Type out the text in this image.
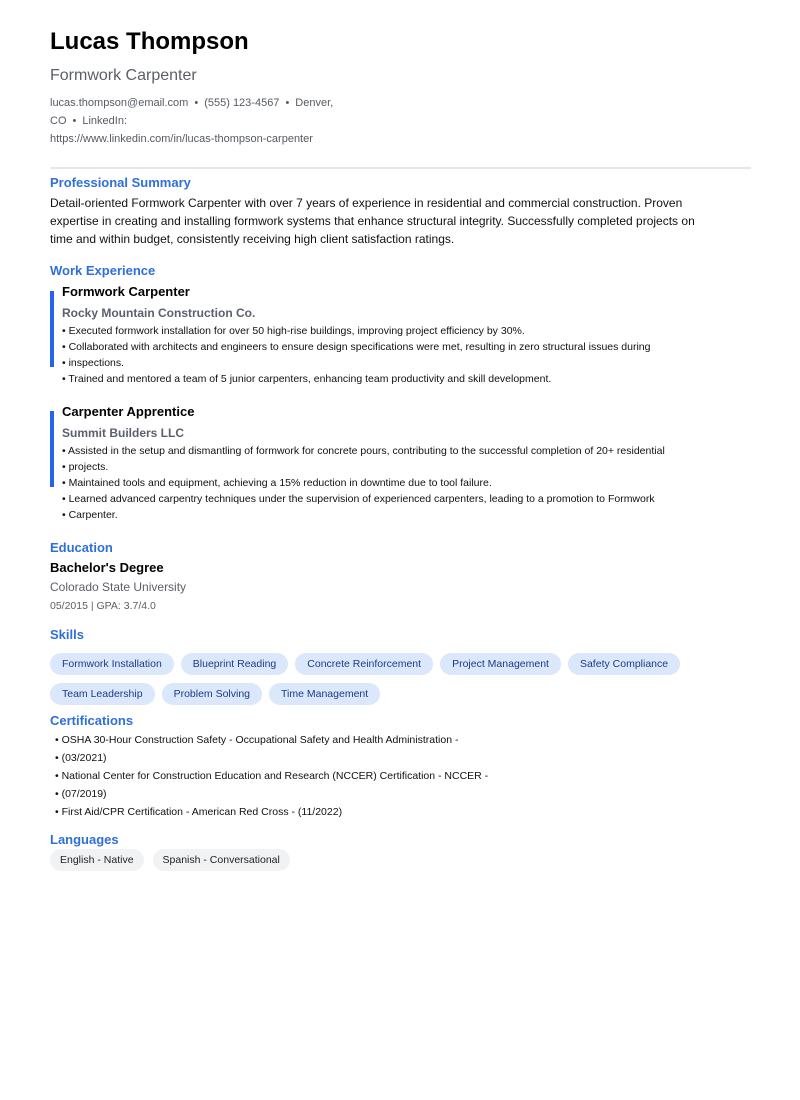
Lucas Thompson
Formwork Carpenter
lucas.thompson@email.com • (555) 123-4567 • Denver, CO • LinkedIn:
https://www.linkedin.com/in/lucas-thompson-carpenter
Professional Summary
Detail-oriented Formwork Carpenter with over 7 years of experience in residential and commercial construction. Proven expertise in creating and installing formwork systems that enhance structural integrity. Successfully completed projects on time and within budget, consistently receiving high client satisfaction ratings.
Work Experience
Formwork Carpenter
Rocky Mountain Construction Co.
• Executed formwork installation for over 50 high-rise buildings, improving project efficiency by 30%.
• Collaborated with architects and engineers to ensure design specifications were met, resulting in zero structural issues during
• inspections.
• Trained and mentored a team of 5 junior carpenters, enhancing team productivity and skill development.
Carpenter Apprentice
Summit Builders LLC
• Assisted in the setup and dismantling of formwork for concrete pours, contributing to the successful completion of 20+ residential
• projects.
• Maintained tools and equipment, achieving a 15% reduction in downtime due to tool failure.
• Learned advanced carpentry techniques under the supervision of experienced carpenters, leading to a promotion to Formwork
• Carpenter.
Education
Bachelor's Degree
Colorado State University
05/2015 | GPA: 3.7/4.0
Skills
Formwork Installation	Blueprint Reading	Concrete Reinforcement	Project Management	Safety Compliance
Team Leadership	Problem Solving	Time Management
Certifications
• OSHA 30-Hour Construction Safety - Occupational Safety and Health Administration -
• (03/2021)
• National Center for Construction Education and Research (NCCER) Certification - NCCER -
• (07/2019)
• First Aid/CPR Certification - American Red Cross - (11/2022)
Languages
English - Native	Spanish - Conversational
